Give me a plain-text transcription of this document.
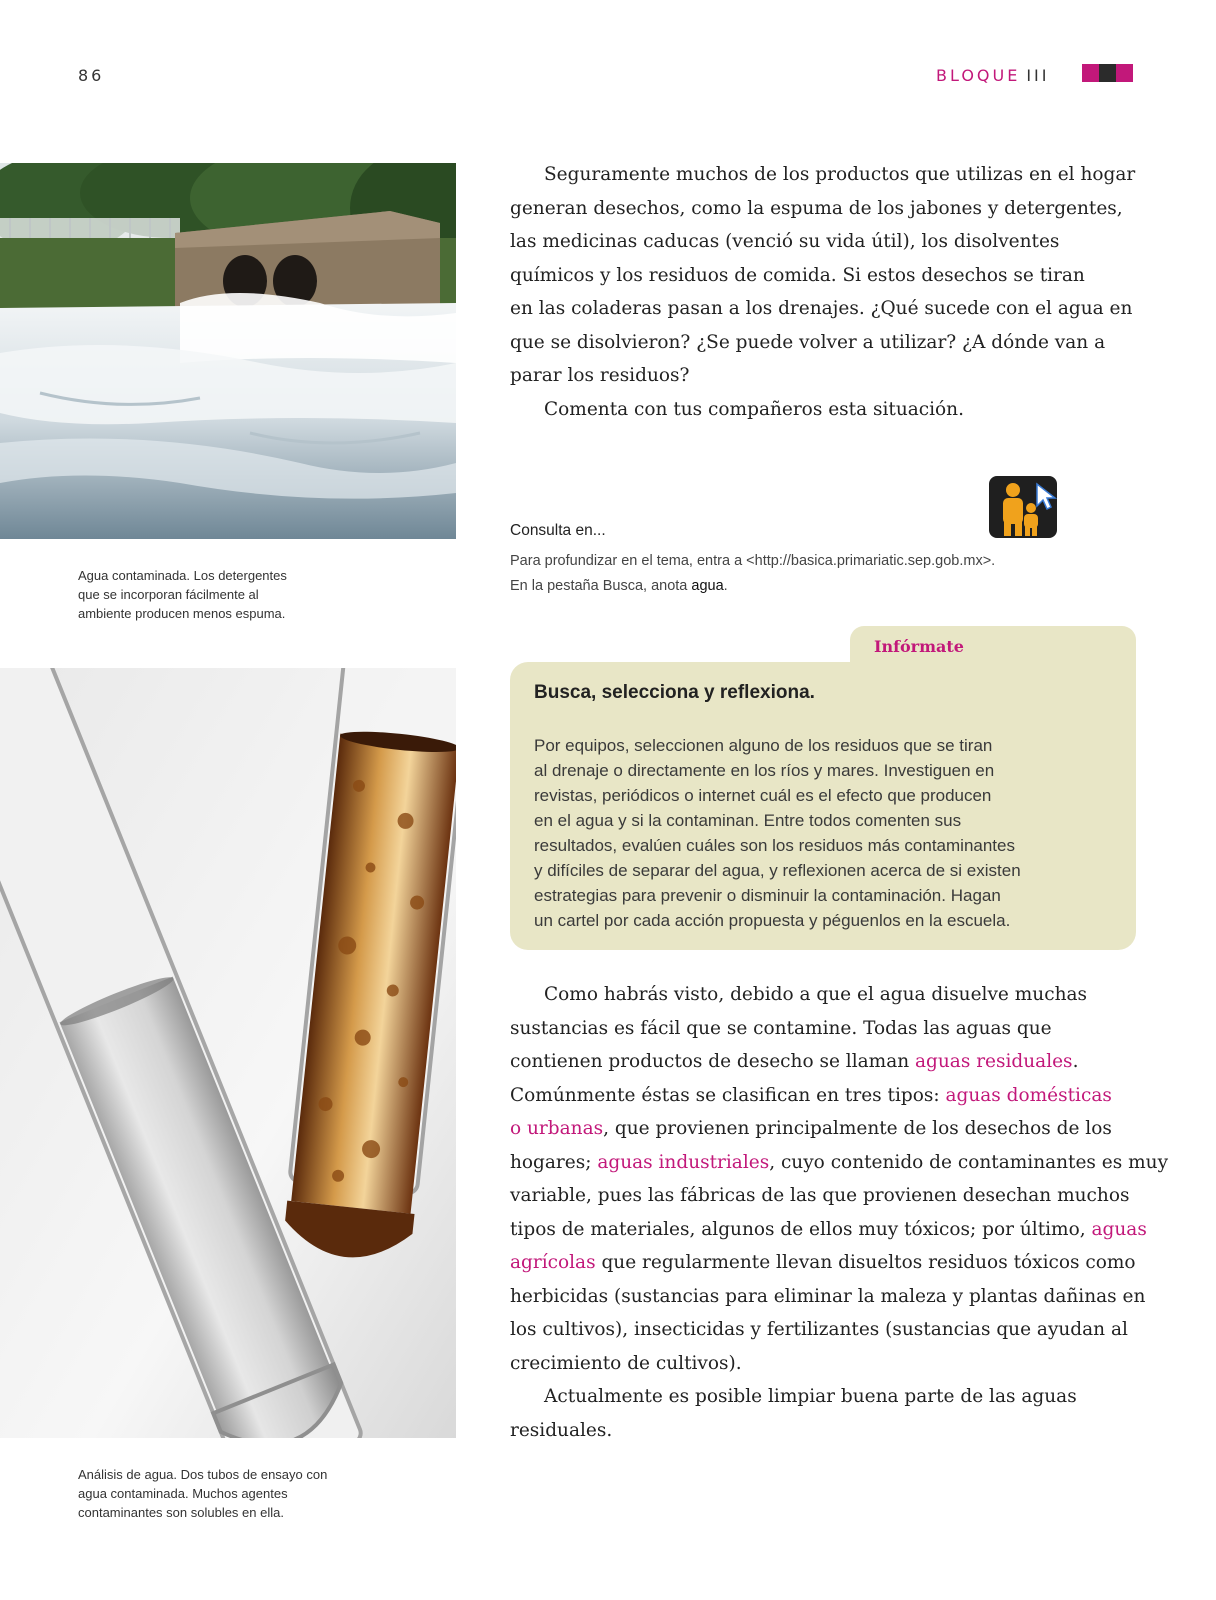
86	BLOQUE III
Agua contaminada. Los detergentes
que se incorporan fácilmente al
ambiente producen menos espuma.
Análisis de agua. Dos tubos de ensayo con
agua contaminada. Muchos agentes
contaminantes son solubles en ella.
Seguramente muchos de los productos que utilizas en el hogar
generan desechos, como la espuma de los jabones y detergentes,
las medicinas caducas (venció su vida útil), los disolventes
químicos y los residuos de comida. Si estos desechos se tiran
en las coladeras pasan a los drenajes. ¿Qué sucede con el agua en
que se disolvieron? ¿Se puede volver a utilizar? ¿A dónde van a
parar los residuos?
Comenta con tus compañeros esta situación.
Consulta en...
Para profundizar en el tema, entra a <http://basica.primariatic.sep.gob.mx>.
En la pestaña Busca, anota agua.
Infórmate
Busca, selecciona y reflexiona.
Por equipos, seleccionen alguno de los residuos que se tiran
al drenaje o directamente en los ríos y mares. Investiguen en
revistas, periódicos o internet cuál es el efecto que producen
en el agua y si la contaminan. Entre todos comenten sus
resultados, evalúen cuáles son los residuos más contaminantes
y difíciles de separar del agua, y reflexionen acerca de si existen
estrategias para prevenir o disminuir la contaminación. Hagan
un cartel por cada acción propuesta y péguenlos en la escuela.
Como habrás visto, debido a que el agua disuelve muchas
sustancias es fácil que se contamine. Todas las aguas que
contienen productos de desecho se llaman aguas residuales.
Comúnmente éstas se clasifican en tres tipos: aguas domésticas
o urbanas, que provienen principalmente de los desechos de los
hogares; aguas industriales, cuyo contenido de contaminantes es muy
variable, pues las fábricas de las que provienen desechan muchos
tipos de materiales, algunos de ellos muy tóxicos; por último, aguas
agrícolas que regularmente llevan disueltos residuos tóxicos como
herbicidas (sustancias para eliminar la maleza y plantas dañinas en
los cultivos), insecticidas y fertilizantes (sustancias que ayudan al
crecimiento de cultivos).
Actualmente es posible limpiar buena parte de las aguas
residuales.
